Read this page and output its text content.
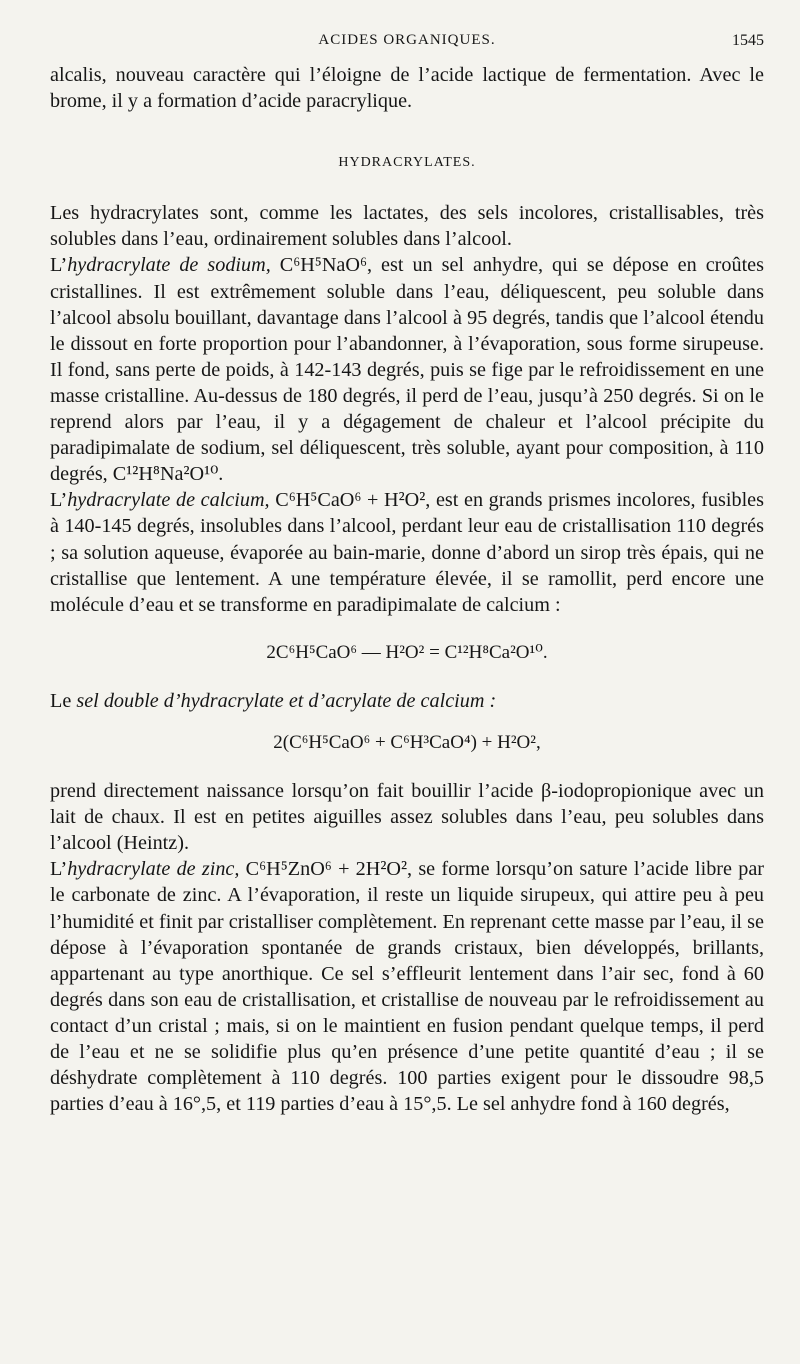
ACIDES ORGANIQUES.	1545

alcalis, nouveau caractère qui l’éloigne de l’acide lactique de fermentation. Avec le brome, il y a formation d’acide paracrylique.

HYDRACRYLATES.

Les hydracrylates sont, comme les lactates, des sels incolores, cristallisables, très solubles dans l’eau, ordinairement solubles dans l’alcool.

L’hydracrylate de sodium, C⁶H⁵NaO⁶, est un sel anhydre, qui se dépose en croûtes cristallines. Il est extrêmement soluble dans l’eau, déliquescent, peu soluble dans l’alcool absolu bouillant, davantage dans l’alcool à 95 degrés, tandis que l’alcool étendu le dissout en forte proportion pour l’abandonner, à l’évaporation, sous forme sirupeuse. Il fond, sans perte de poids, à 142-143 degrés, puis se fige par le refroidissement en une masse cristalline. Au-dessus de 180 degrés, il perd de l’eau, jusqu’à 250 degrés. Si on le reprend alors par l’eau, il y a dégagement de chaleur et l’alcool précipite du paradipimalate de sodium, sel déliquescent, très soluble, ayant pour composition, à 110 degrés, C¹²H⁸Na²O¹⁰.

L’hydracrylate de calcium, C⁶H⁵CaO⁶ + H²O², est en grands prismes incolores, fusibles à 140-145 degrés, insolubles dans l’alcool, perdant leur eau de cristallisation 110 degrés ; sa solution aqueuse, évaporée au bain-marie, donne d’abord un sirop très épais, qui ne cristallise que lentement. A une température élevée, il se ramollit, perd encore une molécule d’eau et se transforme en paradipimalate de calcium :

2C⁶H⁵CaO⁶ — H²O² = C¹²H⁸Ca²O¹⁰.

Le sel double d’hydracrylate et d’acrylate de calcium :

2(C⁶H⁵CaO⁶ + C⁶H³CaO⁴) + H²O²,

prend directement naissance lorsqu’on fait bouillir l’acide β-iodopropionique avec un lait de chaux. Il est en petites aiguilles assez solubles dans l’eau, peu solubles dans l’alcool (Heintz).

L’hydracrylate de zinc, C⁶H⁵ZnO⁶ + 2H²O², se forme lorsqu’on sature l’acide libre par le carbonate de zinc. A l’évaporation, il reste un liquide sirupeux, qui attire peu à peu l’humidité et finit par cristalliser complètement. En reprenant cette masse par l’eau, il se dépose à l’évaporation spontanée de grands cristaux, bien développés, brillants, appartenant au type anorthique. Ce sel s’effleurit lentement dans l’air sec, fond à 60 degrés dans son eau de cristallisation, et cristallise de nouveau par le refroidissement au contact d’un cristal ; mais, si on le maintient en fusion pendant quelque temps, il perd de l’eau et ne se solidifie plus qu’en présence d’une petite quantité d’eau ; il se déshydrate complètement à 110 degrés. 100 parties exigent pour le dissoudre 98,5 parties d’eau à 16°,5, et 119 parties d’eau à 15°,5. Le sel anhydre fond à 160 degrés,
